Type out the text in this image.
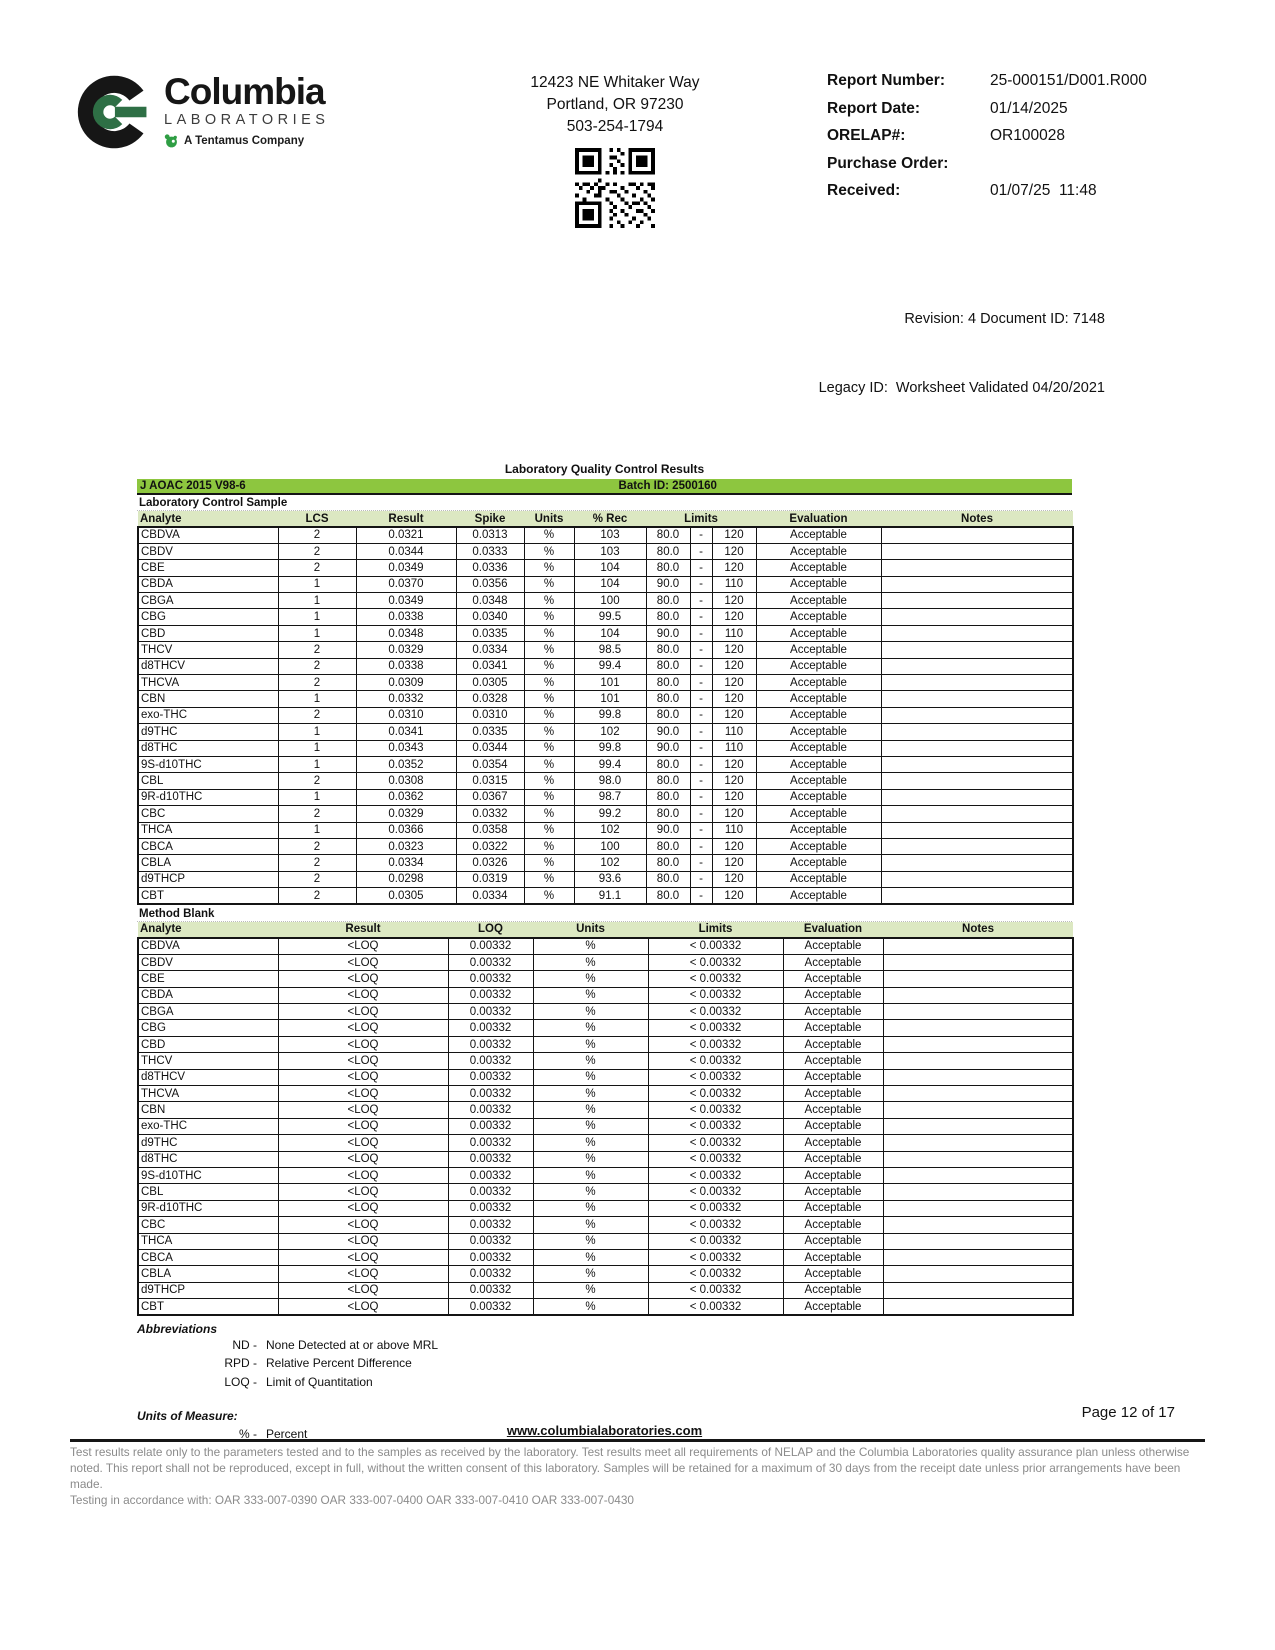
Columbia
LABORATORIES
A Tentamus Company
12423 NE Whitaker Way
Portland, OR 97230
503-254-1794
Report Number:	25-000151/D001.R000
Report Date:	01/14/2025
ORELAP#:	OR100028
Purchase Order:
Received:	01/07/25  11:48

Revision: 4 Document ID: 7148

Legacy ID:  Worksheet Validated 04/20/2021

Laboratory Quality Control Results
J AOAC 2015 V98-6	Batch ID: 2500160
Laboratory Control Sample
Analyte	LCS	Result	Spike	Units	% Rec	Limits			Evaluation	Notes
CBDVA	2	0.0321	0.0313	%	103	80.0	-	120	Acceptable	
CBDV	2	0.0344	0.0333	%	103	80.0	-	120	Acceptable	
CBE	2	0.0349	0.0336	%	104	80.0	-	120	Acceptable	
CBDA	1	0.0370	0.0356	%	104	90.0	-	110	Acceptable	
CBGA	1	0.0349	0.0348	%	100	80.0	-	120	Acceptable	
CBG	1	0.0338	0.0340	%	99.5	80.0	-	120	Acceptable	
CBD	1	0.0348	0.0335	%	104	90.0	-	110	Acceptable	
THCV	2	0.0329	0.0334	%	98.5	80.0	-	120	Acceptable	
d8THCV	2	0.0338	0.0341	%	99.4	80.0	-	120	Acceptable	
THCVA	2	0.0309	0.0305	%	101	80.0	-	120	Acceptable	
CBN	1	0.0332	0.0328	%	101	80.0	-	120	Acceptable	
exo-THC	2	0.0310	0.0310	%	99.8	80.0	-	120	Acceptable	
d9THC	1	0.0341	0.0335	%	102	90.0	-	110	Acceptable	
d8THC	1	0.0343	0.0344	%	99.8	90.0	-	110	Acceptable	
9S-d10THC	1	0.0352	0.0354	%	99.4	80.0	-	120	Acceptable	
CBL	2	0.0308	0.0315	%	98.0	80.0	-	120	Acceptable	
9R-d10THC	1	0.0362	0.0367	%	98.7	80.0	-	120	Acceptable	
CBC	2	0.0329	0.0332	%	99.2	80.0	-	120	Acceptable	
THCA	1	0.0366	0.0358	%	102	90.0	-	110	Acceptable	
CBCA	2	0.0323	0.0322	%	100	80.0	-	120	Acceptable	
CBLA	2	0.0334	0.0326	%	102	80.0	-	120	Acceptable	
d9THCP	2	0.0298	0.0319	%	93.6	80.0	-	120	Acceptable	
CBT	2	0.0305	0.0334	%	91.1	80.0	-	120	Acceptable	
Method Blank
Analyte	Result	LOQ	Units	Limits	Evaluation	Notes
CBDVA	<LOQ	0.00332	%	< 0.00332	Acceptable	
CBDV	<LOQ	0.00332	%	< 0.00332	Acceptable	
CBE	<LOQ	0.00332	%	< 0.00332	Acceptable	
CBDA	<LOQ	0.00332	%	< 0.00332	Acceptable	
CBGA	<LOQ	0.00332	%	< 0.00332	Acceptable	
CBG	<LOQ	0.00332	%	< 0.00332	Acceptable	
CBD	<LOQ	0.00332	%	< 0.00332	Acceptable	
THCV	<LOQ	0.00332	%	< 0.00332	Acceptable	
d8THCV	<LOQ	0.00332	%	< 0.00332	Acceptable	
THCVA	<LOQ	0.00332	%	< 0.00332	Acceptable	
CBN	<LOQ	0.00332	%	< 0.00332	Acceptable	
exo-THC	<LOQ	0.00332	%	< 0.00332	Acceptable	
d9THC	<LOQ	0.00332	%	< 0.00332	Acceptable	
d8THC	<LOQ	0.00332	%	< 0.00332	Acceptable	
9S-d10THC	<LOQ	0.00332	%	< 0.00332	Acceptable	
CBL	<LOQ	0.00332	%	< 0.00332	Acceptable	
9R-d10THC	<LOQ	0.00332	%	< 0.00332	Acceptable	
CBC	<LOQ	0.00332	%	< 0.00332	Acceptable	
THCA	<LOQ	0.00332	%	< 0.00332	Acceptable	
CBCA	<LOQ	0.00332	%	< 0.00332	Acceptable	
CBLA	<LOQ	0.00332	%	< 0.00332	Acceptable	
d9THCP	<LOQ	0.00332	%	< 0.00332	Acceptable	
CBT	<LOQ	0.00332	%	< 0.00332	Acceptable	
Abbreviations
ND - None Detected at or above MRL
RPD - Relative Percent Difference
LOQ - Limit of Quantitation
Units of Measure:
% - Percent
Page 12 of 17
www.columbialaboratories.com

Test results relate only to the parameters tested and to the samples as received by the laboratory. Test results meet all requirements of NELAP and the Columbia Laboratories quality assurance plan unless otherwise noted. This report shall not be reproduced, except in full, without the written consent of this laboratory. Samples will be retained for a maximum of 30 days from the receipt date unless prior arrangements have been made.

Testing in accordance with: OAR 333-007-0390 OAR 333-007-0400 OAR 333-007-0410 OAR 333-007-0430
